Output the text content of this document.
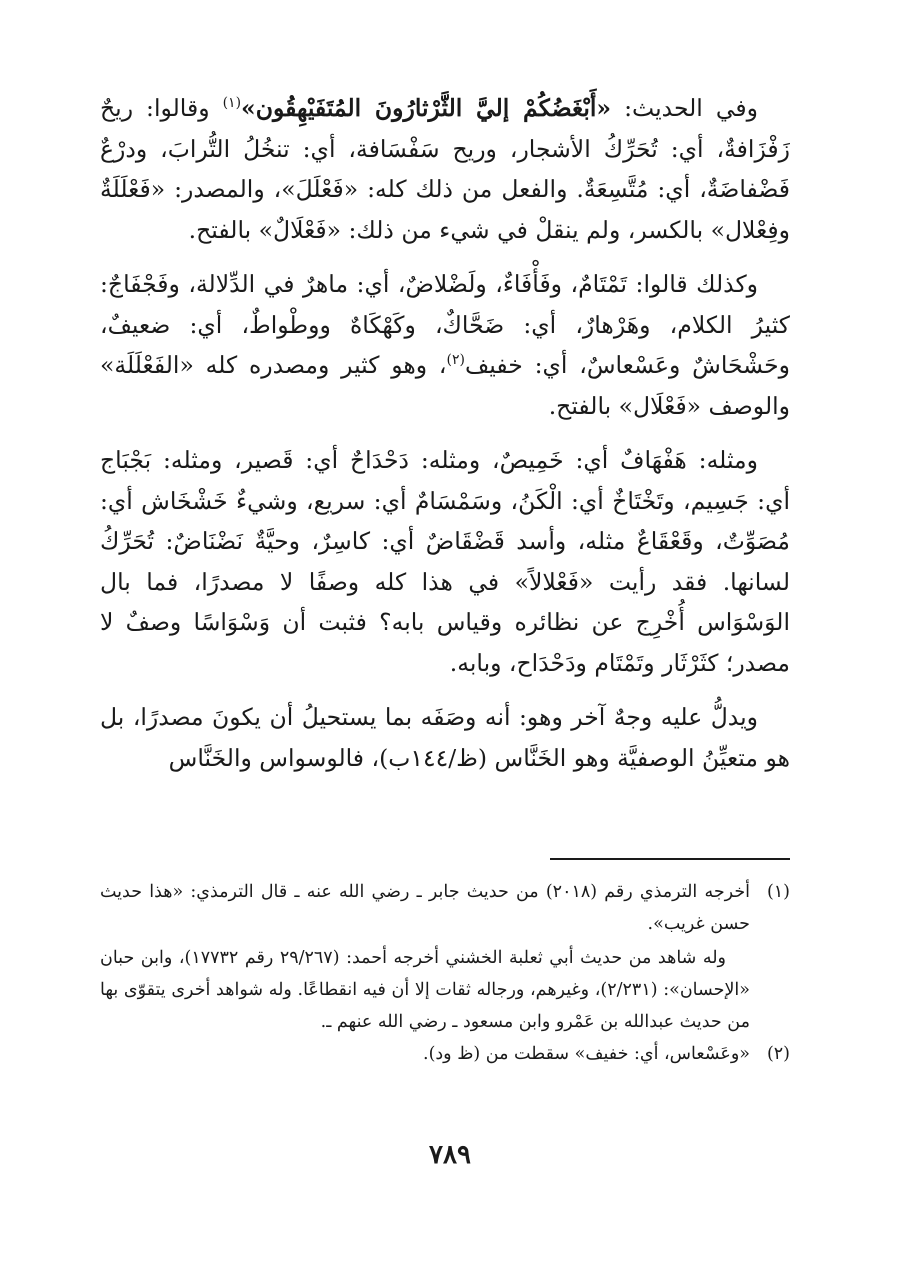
وفي الحديث: «أَبْغَضُكُمْ إليَّ الثَّرْثارُونَ المُتَفَيْهِقُون»$^{(١)}$ وقالوا: ريحٌ زَفْزَافةٌ، أي: تُحَرِّكُ الأشجار، وريح سَفْسَافة، أي: تنخُلُ التُّرابَ، ودرْعٌ فَضْفاضَةٌ، أي: مُتَّسِعَةٌ. والفعل من ذلك كله: «فَعْلَلَ»، والمصدر: «فَعْلَلَةٌ وفِعْلال» بالكسر، ولم ينقلْ في شيء من ذلك: «فَعْلَالٌ» بالفتح.

وكذلك قالوا: تَمْتَامٌ، وفَأْفَاءٌ، ولَضْلاضٌ، أي: ماهرٌ في الدِّلالة، وفَجْفَاجٌ: كثيرُ الكلام، وهَرْهارٌ، أي: ضَحَّاكٌ، وكَهْكَاهٌ ووطْواطٌ، أي: ضعيفٌ، وحَشْحَاشٌ وعَسْعاسٌ، أي: خفيف$^{(٢)}$، وهو كثير ومصدره كله «الفَعْلَلَة» والوصف «فَعْلَال» بالفتح.

ومثله: هَفْهَافٌ أي: خَمِيصٌ، ومثله: دَحْدَاحٌ أي: قَصير، ومثله: بَجْبَاج أي: جَسِيم، وتَخْتَاخٌ أي: الْكَنُ، وسَمْسَامٌ أي: سريع، وشيءٌ خَشْخَاش أي: مُصَوِّتٌ، وقَعْقَاعٌ مثله، وأسد قَضْقَاضٌ أي: كاسِرٌ، وحيَّةٌ نَضْنَاضٌ: تُحَرِّكُ لسانها. فقد رأيت «فَعْلالاً» في هذا كله وصفًا لا مصدرًا، فما بال الوَسْوَاس أُخْرِج عن نظائره وقياس بابه؟ فثبت أن وَسْوَاسًا وصفٌ لا مصدر؛ كثَرْثَار وتَمْتَام ودَحْدَاح، وبابه.

ويدلُّ عليه وجهٌ آخر وهو: أنه وصَفَه بما يستحيلُ أن يكونَ مصدرًا، بل هو متعيِّنُ الوصفيَّة وهو الخَنَّاس (ظ/١٤٤ب)، فالوسواس والخَنَّاس

(١)

أخرجه الترمذي رقم (٢٠١٨) من حديث جابر ـ رضي الله عنه ـ قال الترمذي: «هذا حديث حسن غريب».

وله شاهد من حديث أبي ثعلبة الخشني أخرجه أحمد: (٢٩/٢٦٧ رقم ١٧٧٣٢)، وابن حبان «الإحسان»: (٢/٢٣١)، وغيرهم، ورجاله ثقات إلا أن فيه انقطاعًا. وله شواهد أخرى يتقوّى بها من حديث عبدالله بن عَمْرو وابن مسعود ـ رضي الله عنهم ـ.

(٢)

«وعَسْعاس، أي: خفيف» سقطت من (ظ ود).

٧٨٩
